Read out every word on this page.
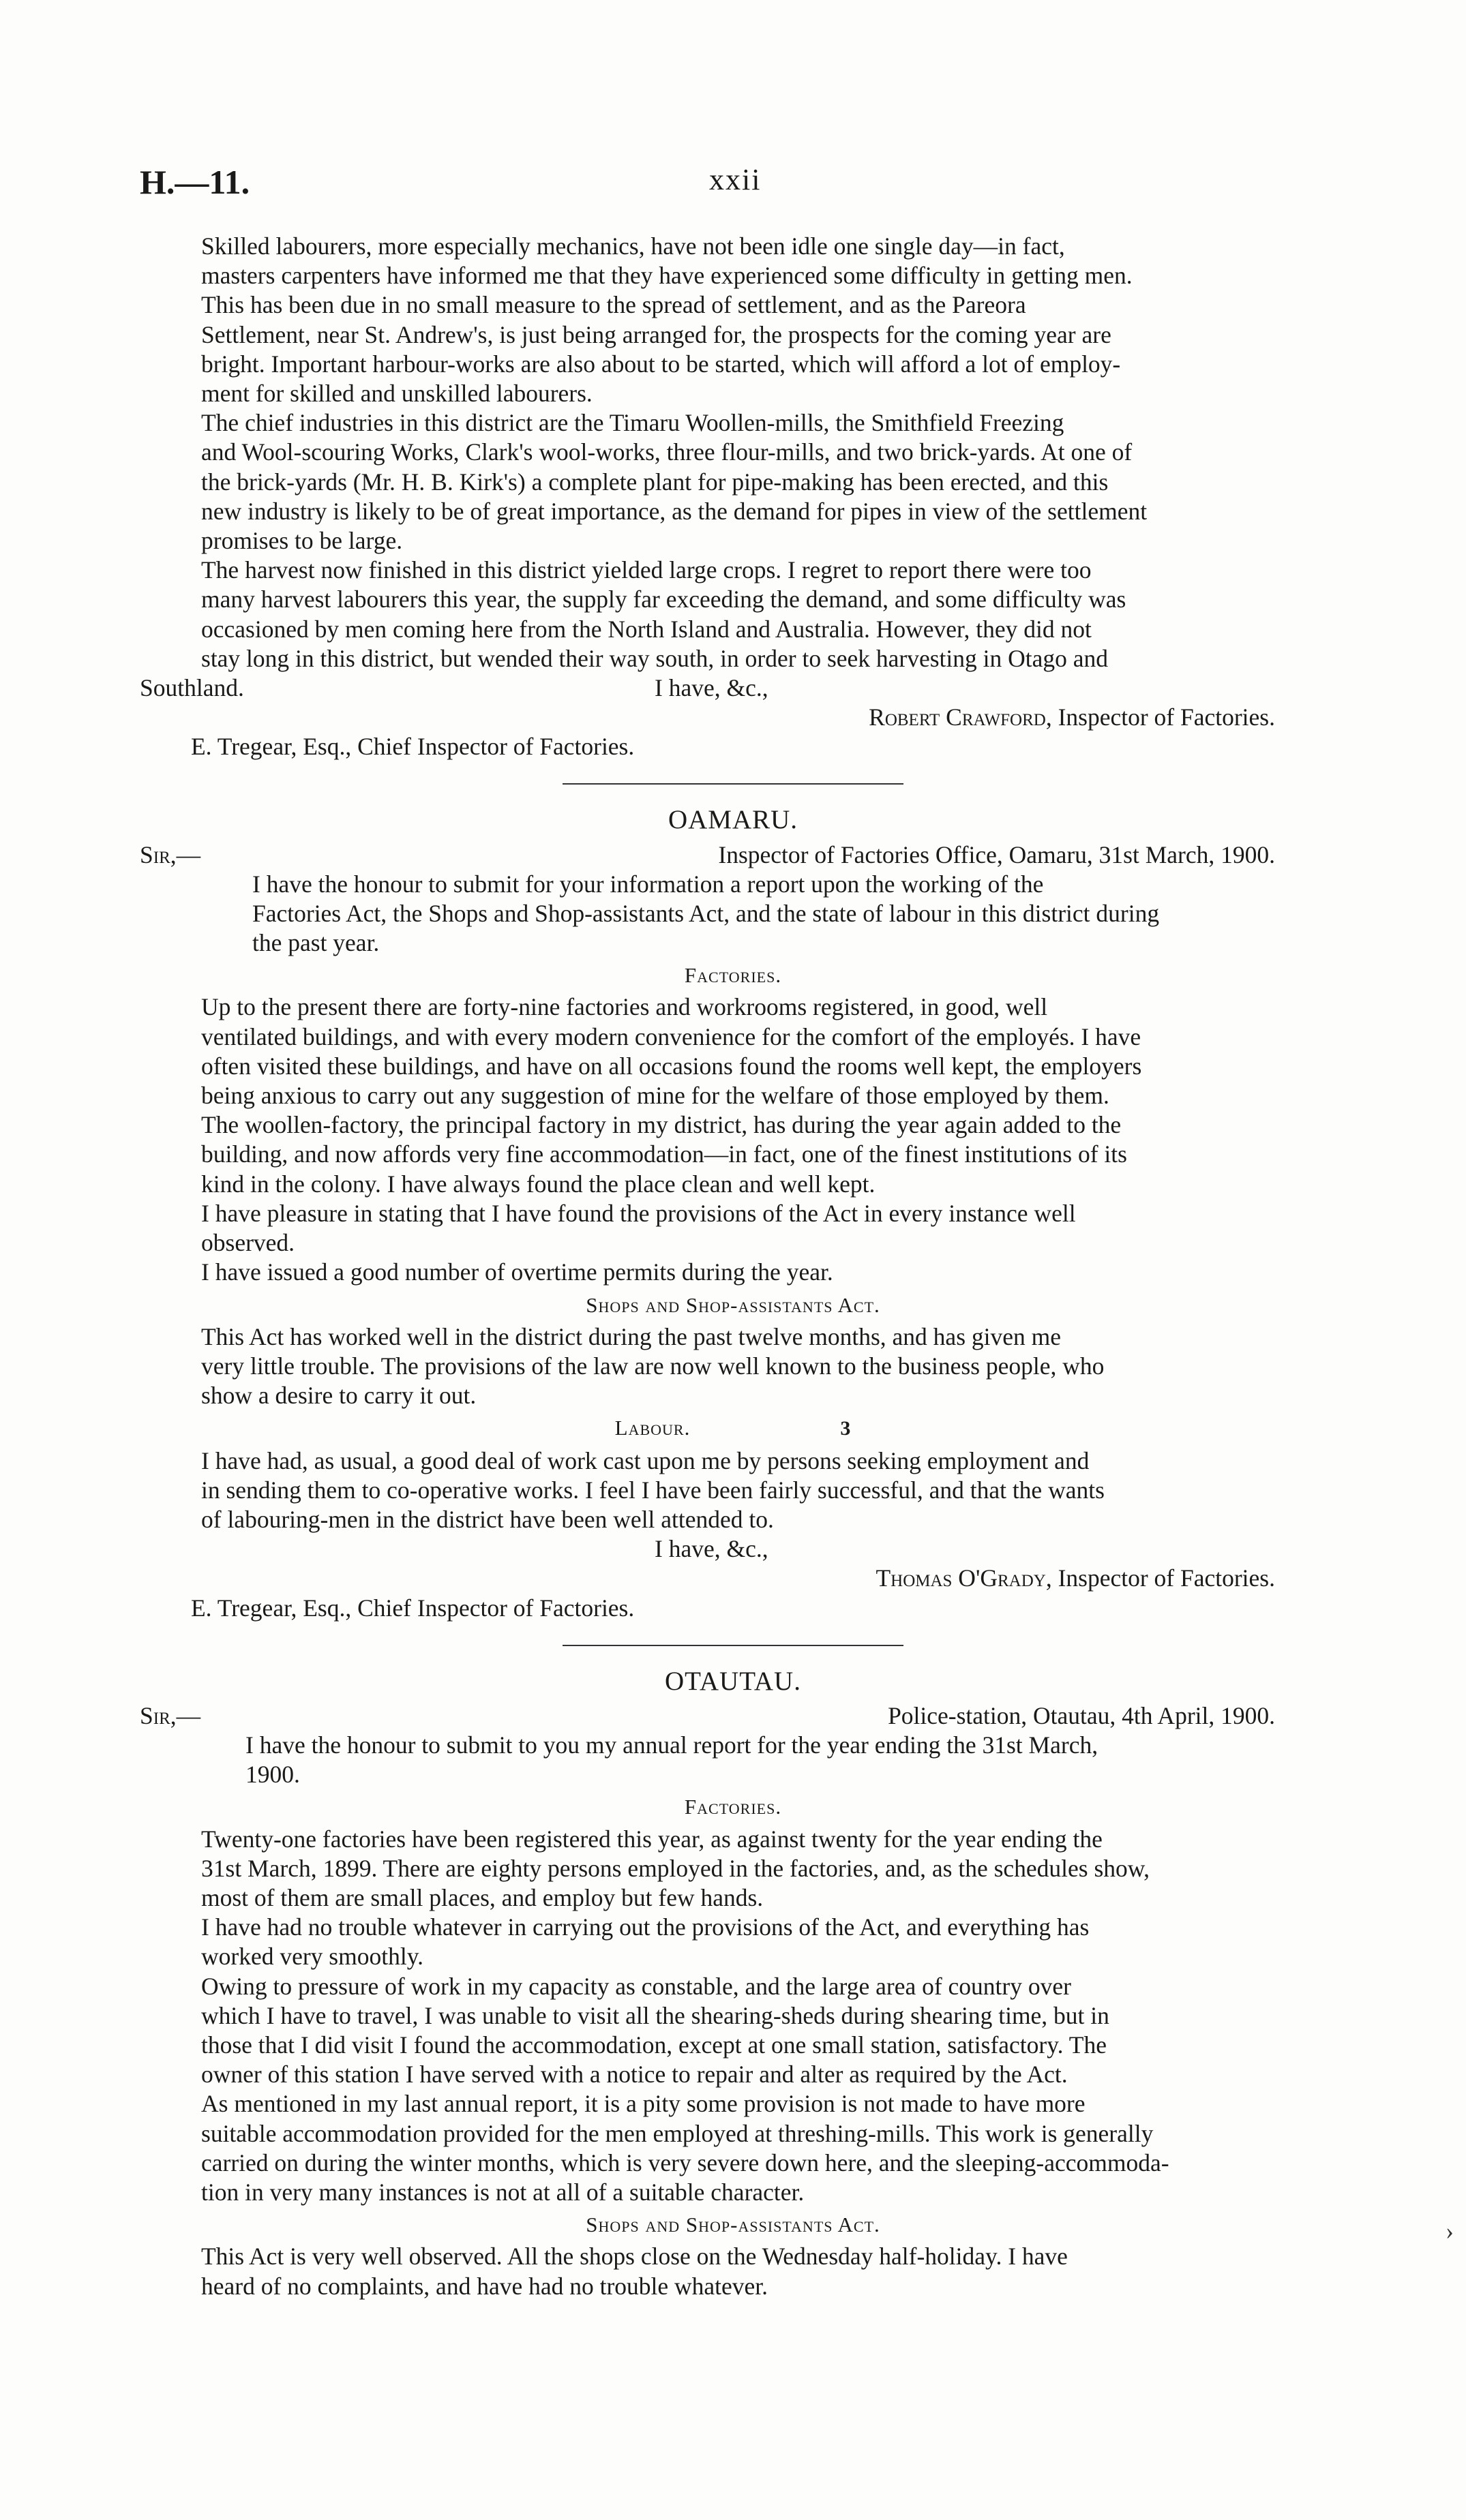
H.—11.	xxii

Skilled labourers, more especially mechanics, have not been idle one single day—in fact,
masters carpenters have informed me that they have experienced some difficulty in getting men.

This has been due in no small measure to the spread of settlement, and as the Pareora
Settlement, near St. Andrew's, is just being arranged for, the prospects for the coming year are
bright. Important harbour-works are also about to be started, which will afford a lot of employ-
ment for skilled and unskilled labourers.

The chief industries in this district are the Timaru Woollen-mills, the Smithfield Freezing
and Wool-scouring Works, Clark's wool-works, three flour-mills, and two brick-yards. At one of
the brick-yards (Mr. H. B. Kirk's) a complete plant for pipe-making has been erected, and this
new industry is likely to be of great importance, as the demand for pipes in view of the settlement
promises to be large.

The harvest now finished in this district yielded large crops. I regret to report there were too
many harvest labourers this year, the supply far exceeding the demand, and some difficulty was
occasioned by men coming here from the North Island and Australia. However, they did not
stay long in this district, but wended their way south, in order to seek harvesting in Otago and

Southland.	I have, &c.,
Robert Crawford, Inspector of Factories.
E. Tregear, Esq., Chief Inspector of Factories.
OAMARU.
Sir,—	Inspector of Factories Office, Oamaru, 31st March, 1900.

I have the honour to submit for your information a report upon the working of the
Factories Act, the Shops and Shop-assistants Act, and the state of labour in this district during
the past year.

Factories.

Up to the present there are forty-nine factories and workrooms registered, in good, well
ventilated buildings, and with every modern convenience for the comfort of the employés. I have
often visited these buildings, and have on all occasions found the rooms well kept, the employers
being anxious to carry out any suggestion of mine for the welfare of those employed by them.
The woollen-factory, the principal factory in my district, has during the year again added to the
building, and now affords very fine accommodation—in fact, one of the finest institutions of its
kind in the colony. I have always found the place clean and well kept.

I have pleasure in stating that I have found the provisions of the Act in every instance well
observed.

I have issued a good number of overtime permits during the year.

Shops and Shop-assistants Act.

This Act has worked well in the district during the past twelve months, and has given me
very little trouble. The provisions of the law are now well known to the business people, who
show a desire to carry it out.

Labour.	3

I have had, as usual, a good deal of work cast upon me by persons seeking employment and
in sending them to co-operative works. I feel I have been fairly successful, and that the wants
of labouring-men in the district have been well attended to.

I have, &c.,
Thomas O'Grady, Inspector of Factories.
E. Tregear, Esq., Chief Inspector of Factories.
OTAUTAU.
Sir,—	Police-station, Otautau, 4th April, 1900.

I have the honour to submit to you my annual report for the year ending the 31st March,
1900.

Factories.

Twenty-one factories have been registered this year, as against twenty for the year ending the
31st March, 1899. There are eighty persons employed in the factories, and, as the schedules show,
most of them are small places, and employ but few hands.

I have had no trouble whatever in carrying out the provisions of the Act, and everything has
worked very smoothly.

Owing to pressure of work in my capacity as constable, and the large area of country over
which I have to travel, I was unable to visit all the shearing-sheds during shearing time, but in
those that I did visit I found the accommodation, except at one small station, satisfactory. The
owner of this station I have served with a notice to repair and alter as required by the Act.

As mentioned in my last annual report, it is a pity some provision is not made to have more
suitable accommodation provided for the men employed at threshing-mills. This work is generally
carried on during the winter months, which is very severe down here, and the sleeping-accommoda-
tion in very many instances is not at all of a suitable character.

Shops and Shop-assistants Act.

This Act is very well observed. All the shops close on the Wednesday half-holiday. I have
heard of no complaints, and have had no trouble whatever.

›
